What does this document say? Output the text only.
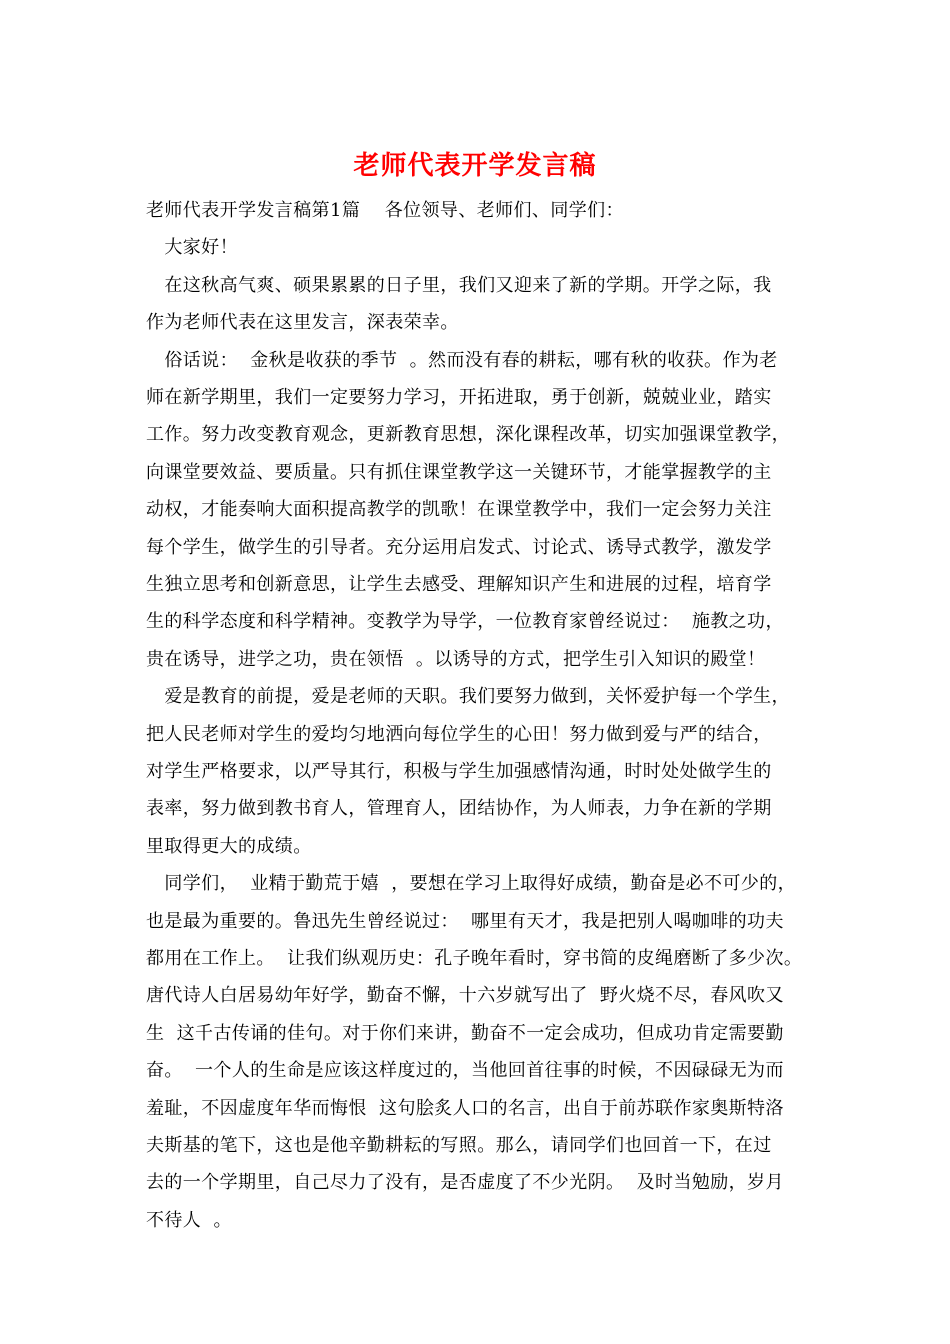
老师代表开学发言稿
老师代表开学发言稿第1篇    各位领导、老师们、同学们：
大家好！
在这秋高气爽、硕果累累的日子里，我们又迎来了新的学期。开学之际，我
作为老师代表在这里发言，深表荣幸。
俗话说：  金秋是收获的季节  。然而没有春的耕耘，哪有秋的收获。作为老
师在新学期里，我们一定要努力学习，开拓进取，勇于创新，兢兢业业，踏实
工作。努力改变教育观念，更新教育思想，深化课程改革，切实加强课堂教学，
向课堂要效益、要质量。只有抓住课堂教学这一关键环节，才能掌握教学的主
动权，才能奏响大面积提高教学的凯歌！在课堂教学中，我们一定会努力关注
每个学生，做学生的引导者。充分运用启发式、讨论式、诱导式教学，激发学
生独立思考和创新意思，让学生去感受、理解知识产生和进展的过程，培育学
生的科学态度和科学精神。变教学为导学，一位教育家曾经说过：  施教之功，
贵在诱导，进学之功，贵在领悟  。以诱导的方式，把学生引入知识的殿堂！
爱是教育的前提，爱是老师的天职。我们要努力做到，关怀爱护每一个学生，
把人民老师对学生的爱均匀地洒向每位学生的心田！努力做到爱与严的结合，
对学生严格要求，以严导其行，积极与学生加强感情沟通，时时处处做学生的
表率，努力做到教书育人，管理育人，团结协作，为人师表，力争在新的学期
里取得更大的成绩。
同学们，  业精于勤荒于嬉  ，要想在学习上取得好成绩，勤奋是必不可少的，
也是最为重要的。鲁迅先生曾经说过：  哪里有天才，我是把别人喝咖啡的功夫
都用在工作上。  让我们纵观历史：孔子晚年看时，穿书简的皮绳磨断了多少次。
唐代诗人白居易幼年好学，勤奋不懈，十六岁就写出了  野火烧不尽，春风吹又
生  这千古传诵的佳句。对于你们来讲，勤奋不一定会成功，但成功肯定需要勤
奋。  一个人的生命是应该这样度过的，当他回首往事的时候，不因碌碌无为而
羞耻，不因虚度年华而悔恨  这句脍炙人口的名言，出自于前苏联作家奥斯特洛
夫斯基的笔下，这也是他辛勤耕耘的写照。那么，请同学们也回首一下，在过
去的一个学期里，自己尽力了没有，是否虚度了不少光阴。  及时当勉励，岁月
不待人  。
